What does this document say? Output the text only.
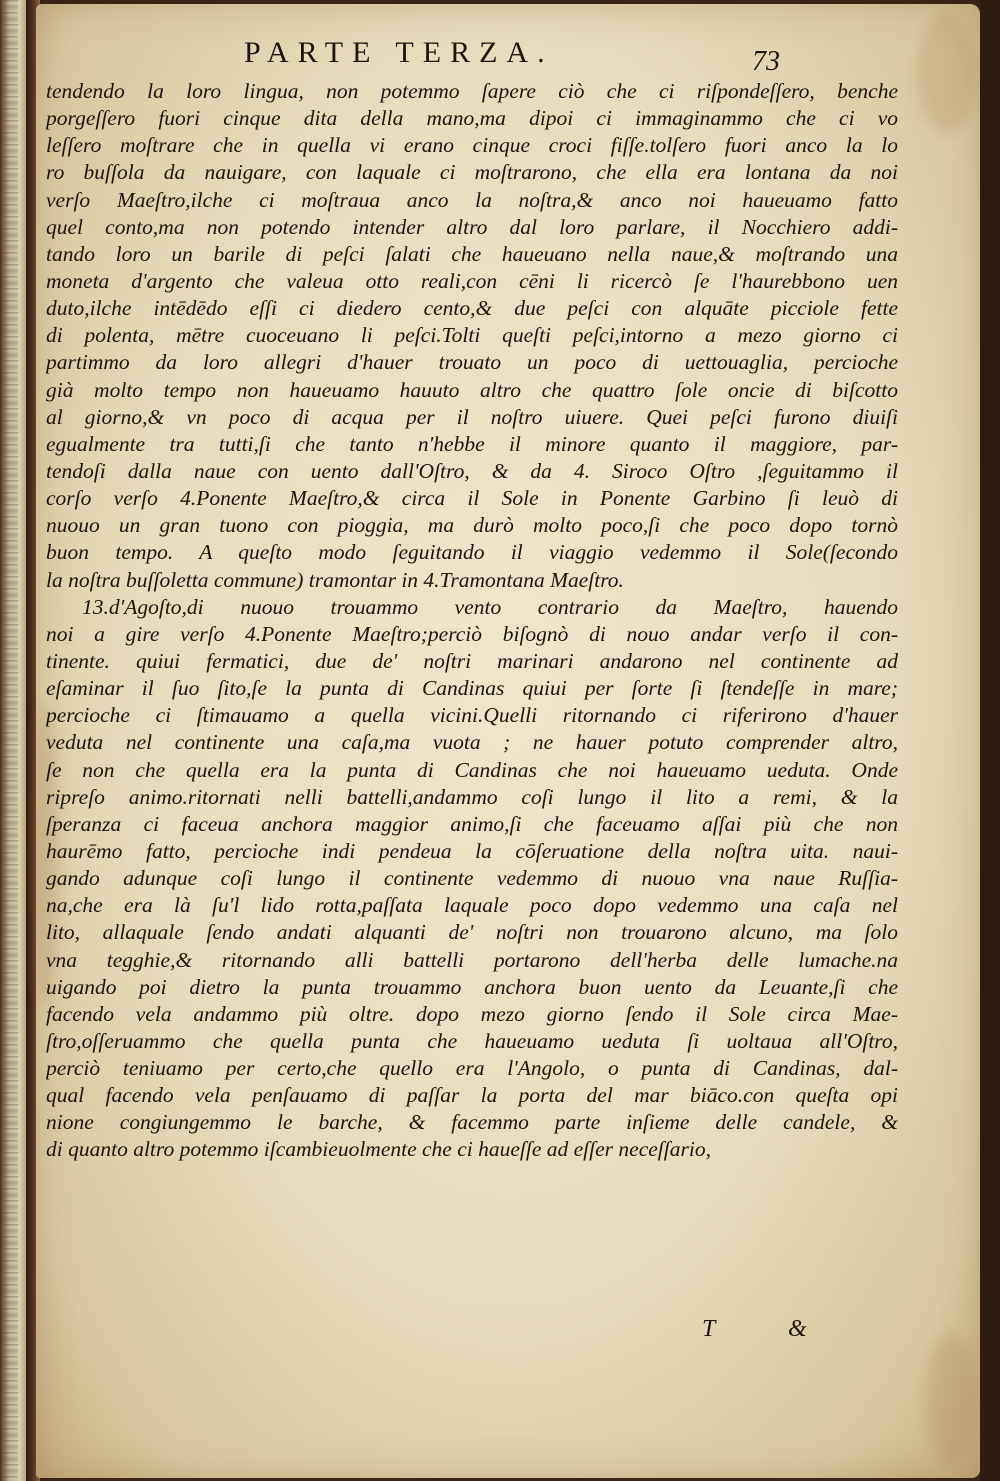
PARTE TERZA.	73
tendendo la loro lingua, non potemmo ſapere ciò che ci riſpondeſſero, benche
porgeſſero fuori cinque dita della mano,ma dipoi ci immaginammo che ci vo
leſſero moſtrare che in quella vi erano cinque croci fiſſe.tolſero fuori anco la lo
ro buſſola da nauigare, con laquale ci moſtrarono, che ella era lontana da noi
verſo Maeſtro,ilche ci moſtraua anco la noſtra,& anco noi haueuamo fatto
quel conto,ma non potendo intender altro dal loro parlare, il Nocchiero addi-
tando loro un barile di peſci ſalati che haueuano nella naue,& moſtrando una
moneta d'argento che valeua otto reali,con cēni li ricercò ſe l'haurebbono uen
duto,ilche intēdēdo eſſi ci diedero cento,& due peſci con alquāte picciole fette
di polenta, mētre cuoceuano li peſci.Tolti queſti peſci,intorno a mezo giorno ci
partimmo da loro allegri d'hauer trouato un poco di uettouaglia, percioche
già molto tempo non haueuamo hauuto altro che quattro ſole oncie di biſcotto
al giorno,& vn poco di acqua per il noſtro uiuere. Quei peſci furono diuiſi
egualmente tra tutti,ſi che tanto n'hebbe il minore quanto il maggiore, par-
tendoſi dalla naue con uento dall'Oſtro, & da 4. Siroco Oſtro ,ſeguitammo il
corſo verſo 4.Ponente Maeſtro,& circa il Sole in Ponente Garbino ſi leuò di
nuouo un gran tuono con pioggia, ma durò molto poco,ſi che poco dopo tornò
buon tempo. A queſto modo ſeguitando il viaggio vedemmo il Sole(ſecondo
la noſtra buſſoletta commune) tramontar in 4.Tramontana Maeſtro.
13.d'Agoſto,di nuouo trouammo vento contrario da Maeſtro, hauendo
noi a gire verſo 4.Ponente Maeſtro;perciò biſognò di nouo andar verſo il con-
tinente. quiui fermatici, due de' noſtri marinari andarono nel continente ad
eſaminar il ſuo ſito,ſe la punta di Candinas quiui per ſorte ſi ſtendeſſe in mare;
percioche ci ſtimauamo a quella vicini.Quelli ritornando ci riferirono d'hauer
veduta nel continente una caſa,ma vuota ; ne hauer potuto comprender altro,
ſe non che quella era la punta di Candinas che noi haueuamo ueduta. Onde
ripreſo animo.ritornati nelli battelli,andammo coſi lungo il lito a remi, & la
ſperanza ci faceua anchora maggior animo,ſi che faceuamo aſſai più che non
haurēmo fatto, percioche indi pendeua la cōſeruatione della noſtra uita. naui-
gando adunque coſi lungo il continente vedemmo di nuouo vna naue Ruſſia-
na,che era là ſu'l lido rotta,paſſata laquale poco dopo vedemmo una caſa nel
lito, allaquale ſendo andati alquanti de' noſtri non trouarono alcuno, ma ſolo
vna tegghie,& ritornando alli battelli portarono dell'herba delle lumache.na
uigando poi dietro la punta trouammo anchora buon uento da Leuante,ſi che
facendo vela andammo più oltre. dopo mezo giorno ſendo il Sole circa Mae-
ſtro,oſſeruammo che quella punta che haueuamo ueduta ſi uoltaua all'Oſtro,
perciò teniuamo per certo,che quello era l'Angolo, o punta di Candinas, dal-
qual facendo vela penſauamo di paſſar la porta del mar biāco.con queſta opi
nione congiungemmo le barche, & facemmo parte inſieme delle candele, &
di quanto altro potemmo iſcambieuolmente che ci haueſſe ad eſſer neceſſario,
T	&
